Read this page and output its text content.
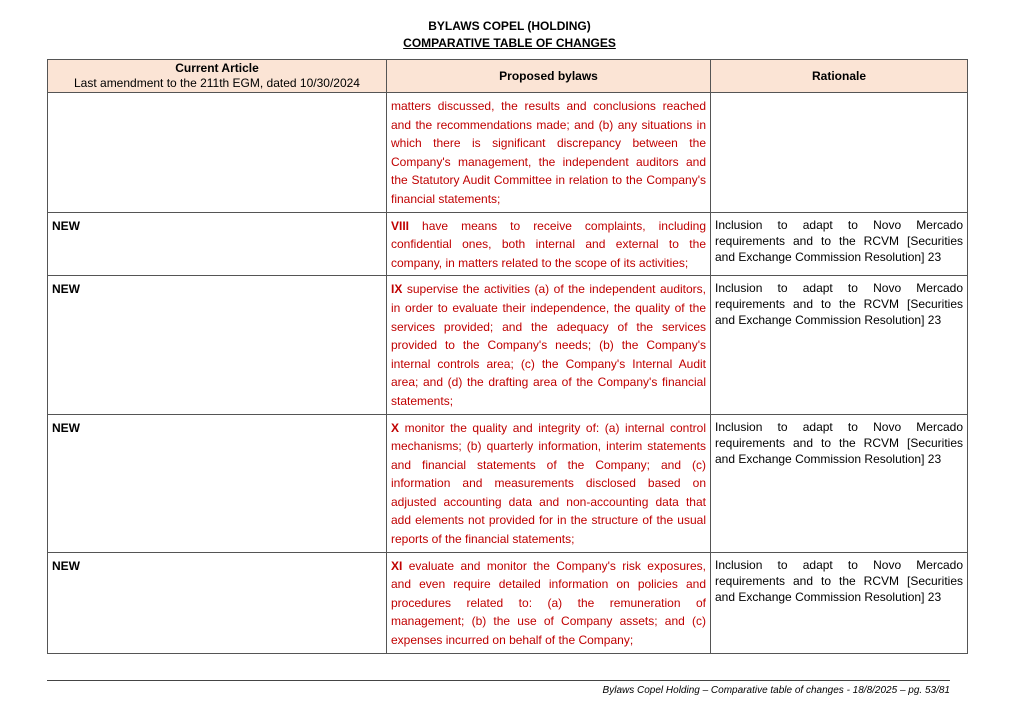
BYLAWS COPEL (HOLDING)
COMPARATIVE TABLE OF CHANGES
Current Article
Last amendment to the 211th EGM, dated 10/30/2024	Proposed bylaws	Rationale
	matters discussed, the results and conclusions reached and the recommendations made; and (b) any situations in which there is significant discrepancy between the Company's management, the independent auditors and the Statutory Audit Committee in relation to the Company's financial statements;	
NEW	VIII have means to receive complaints, including confidential ones, both internal and external to the company, in matters related to the scope of its activities;	Inclusion to adapt to Novo Mercado requirements and to the RCVM [Securities and Exchange Commission Resolution] 23
NEW	IX supervise the activities (a) of the independent auditors, in order to evaluate their independence, the quality of the services provided; and the adequacy of the services provided to the Company's needs; (b) the Company's internal controls area; (c) the Company's Internal Audit area; and (d) the drafting area of the Company's financial statements;	Inclusion to adapt to Novo Mercado requirements and to the RCVM [Securities and Exchange Commission Resolution] 23
NEW	X monitor the quality and integrity of: (a) internal control mechanisms; (b) quarterly information, interim statements and financial statements of the Company; and (c) information and measurements disclosed based on adjusted accounting data and non-accounting data that add elements not provided for in the structure of the usual reports of the financial statements;	Inclusion to adapt to Novo Mercado requirements and to the RCVM [Securities and Exchange Commission Resolution] 23
NEW	XI evaluate and monitor the Company's risk exposures, and even require detailed information on policies and procedures related to: (a) the remuneration of management; (b) the use of Company assets; and (c) expenses incurred on behalf of the Company;	Inclusion to adapt to Novo Mercado requirements and to the RCVM [Securities and Exchange Commission Resolution] 23
Bylaws Copel Holding – Comparative table of changes - 18/8/2025 – pg. 53/81
